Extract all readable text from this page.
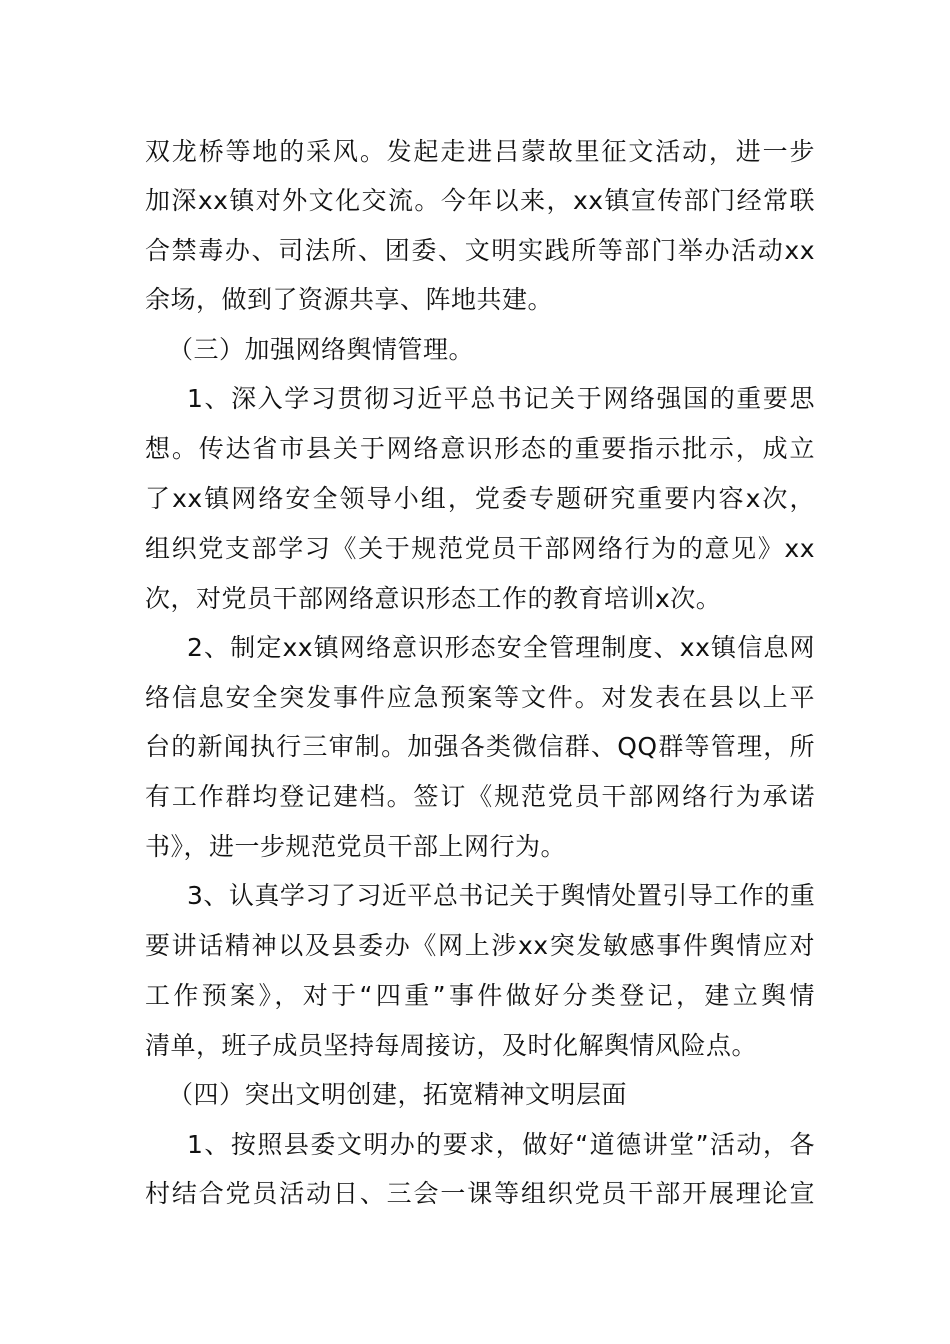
双龙桥等地的采风。发起走进吕蒙故里征文活动，进一步
加深xx镇对外文化交流。今年以来，xx镇宣传部门经常联
合禁毒办、司法所、团委、文明实践所等部门举办活动xx
余场，做到了资源共享、阵地共建。
（三）加强网络舆情管理。
1、深入学习贯彻习近平总书记关于网络强国的重要思
想。传达省市县关于网络意识形态的重要指示批示，成立
了xx镇网络安全领导小组，党委专题研究重要内容x次，
组织党支部学习《关于规范党员干部网络行为的意见》xx
次，对党员干部网络意识形态工作的教育培训x次。
2、制定xx镇网络意识形态安全管理制度、xx镇信息网
络信息安全突发事件应急预案等文件。对发表在县以上平
台的新闻执行三审制。加强各类微信群、QQ群等管理，所
有工作群均登记建档。签订《规范党员干部网络行为承诺
书》，进一步规范党员干部上网行为。
3、认真学习了习近平总书记关于舆情处置引导工作的重
要讲话精神以及县委办《网上涉xx突发敏感事件舆情应对
工作预案》，对于“四重”事件做好分类登记，建立舆情
清单，班子成员坚持每周接访，及时化解舆情风险点。
（四）突出文明创建，拓宽精神文明层面
1、按照县委文明办的要求，做好“道德讲堂”活动，各
村结合党员活动日、三会一课等组织党员干部开展理论宣
